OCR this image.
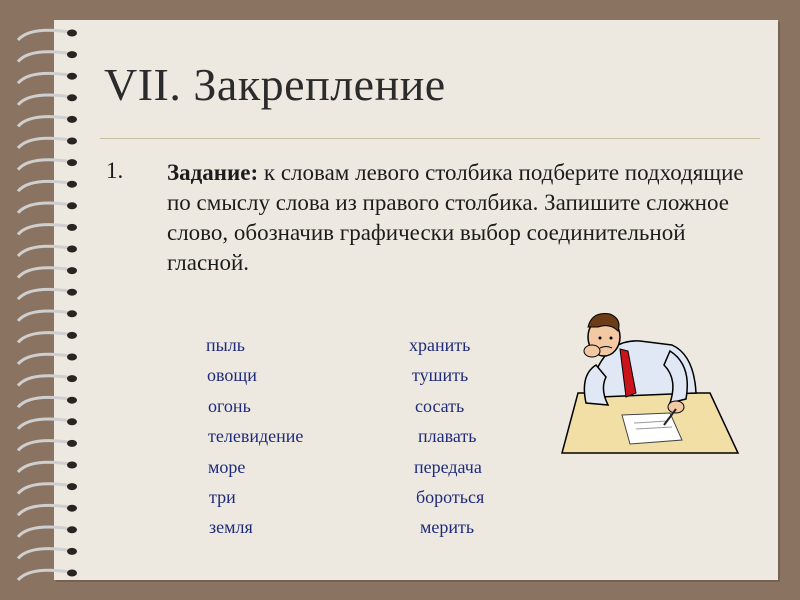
VII. Закрепление
1. Задание: к словам левого столбика подберите подходящие по смыслу слова из правого столбика. Запишите сложное слово, обозначив графически выбор соединительной гласной.
пыль
овощи
огонь
телевидение
море
три
земля
хранить
тушить
сосать
плавать
передача
бороться
мерить
